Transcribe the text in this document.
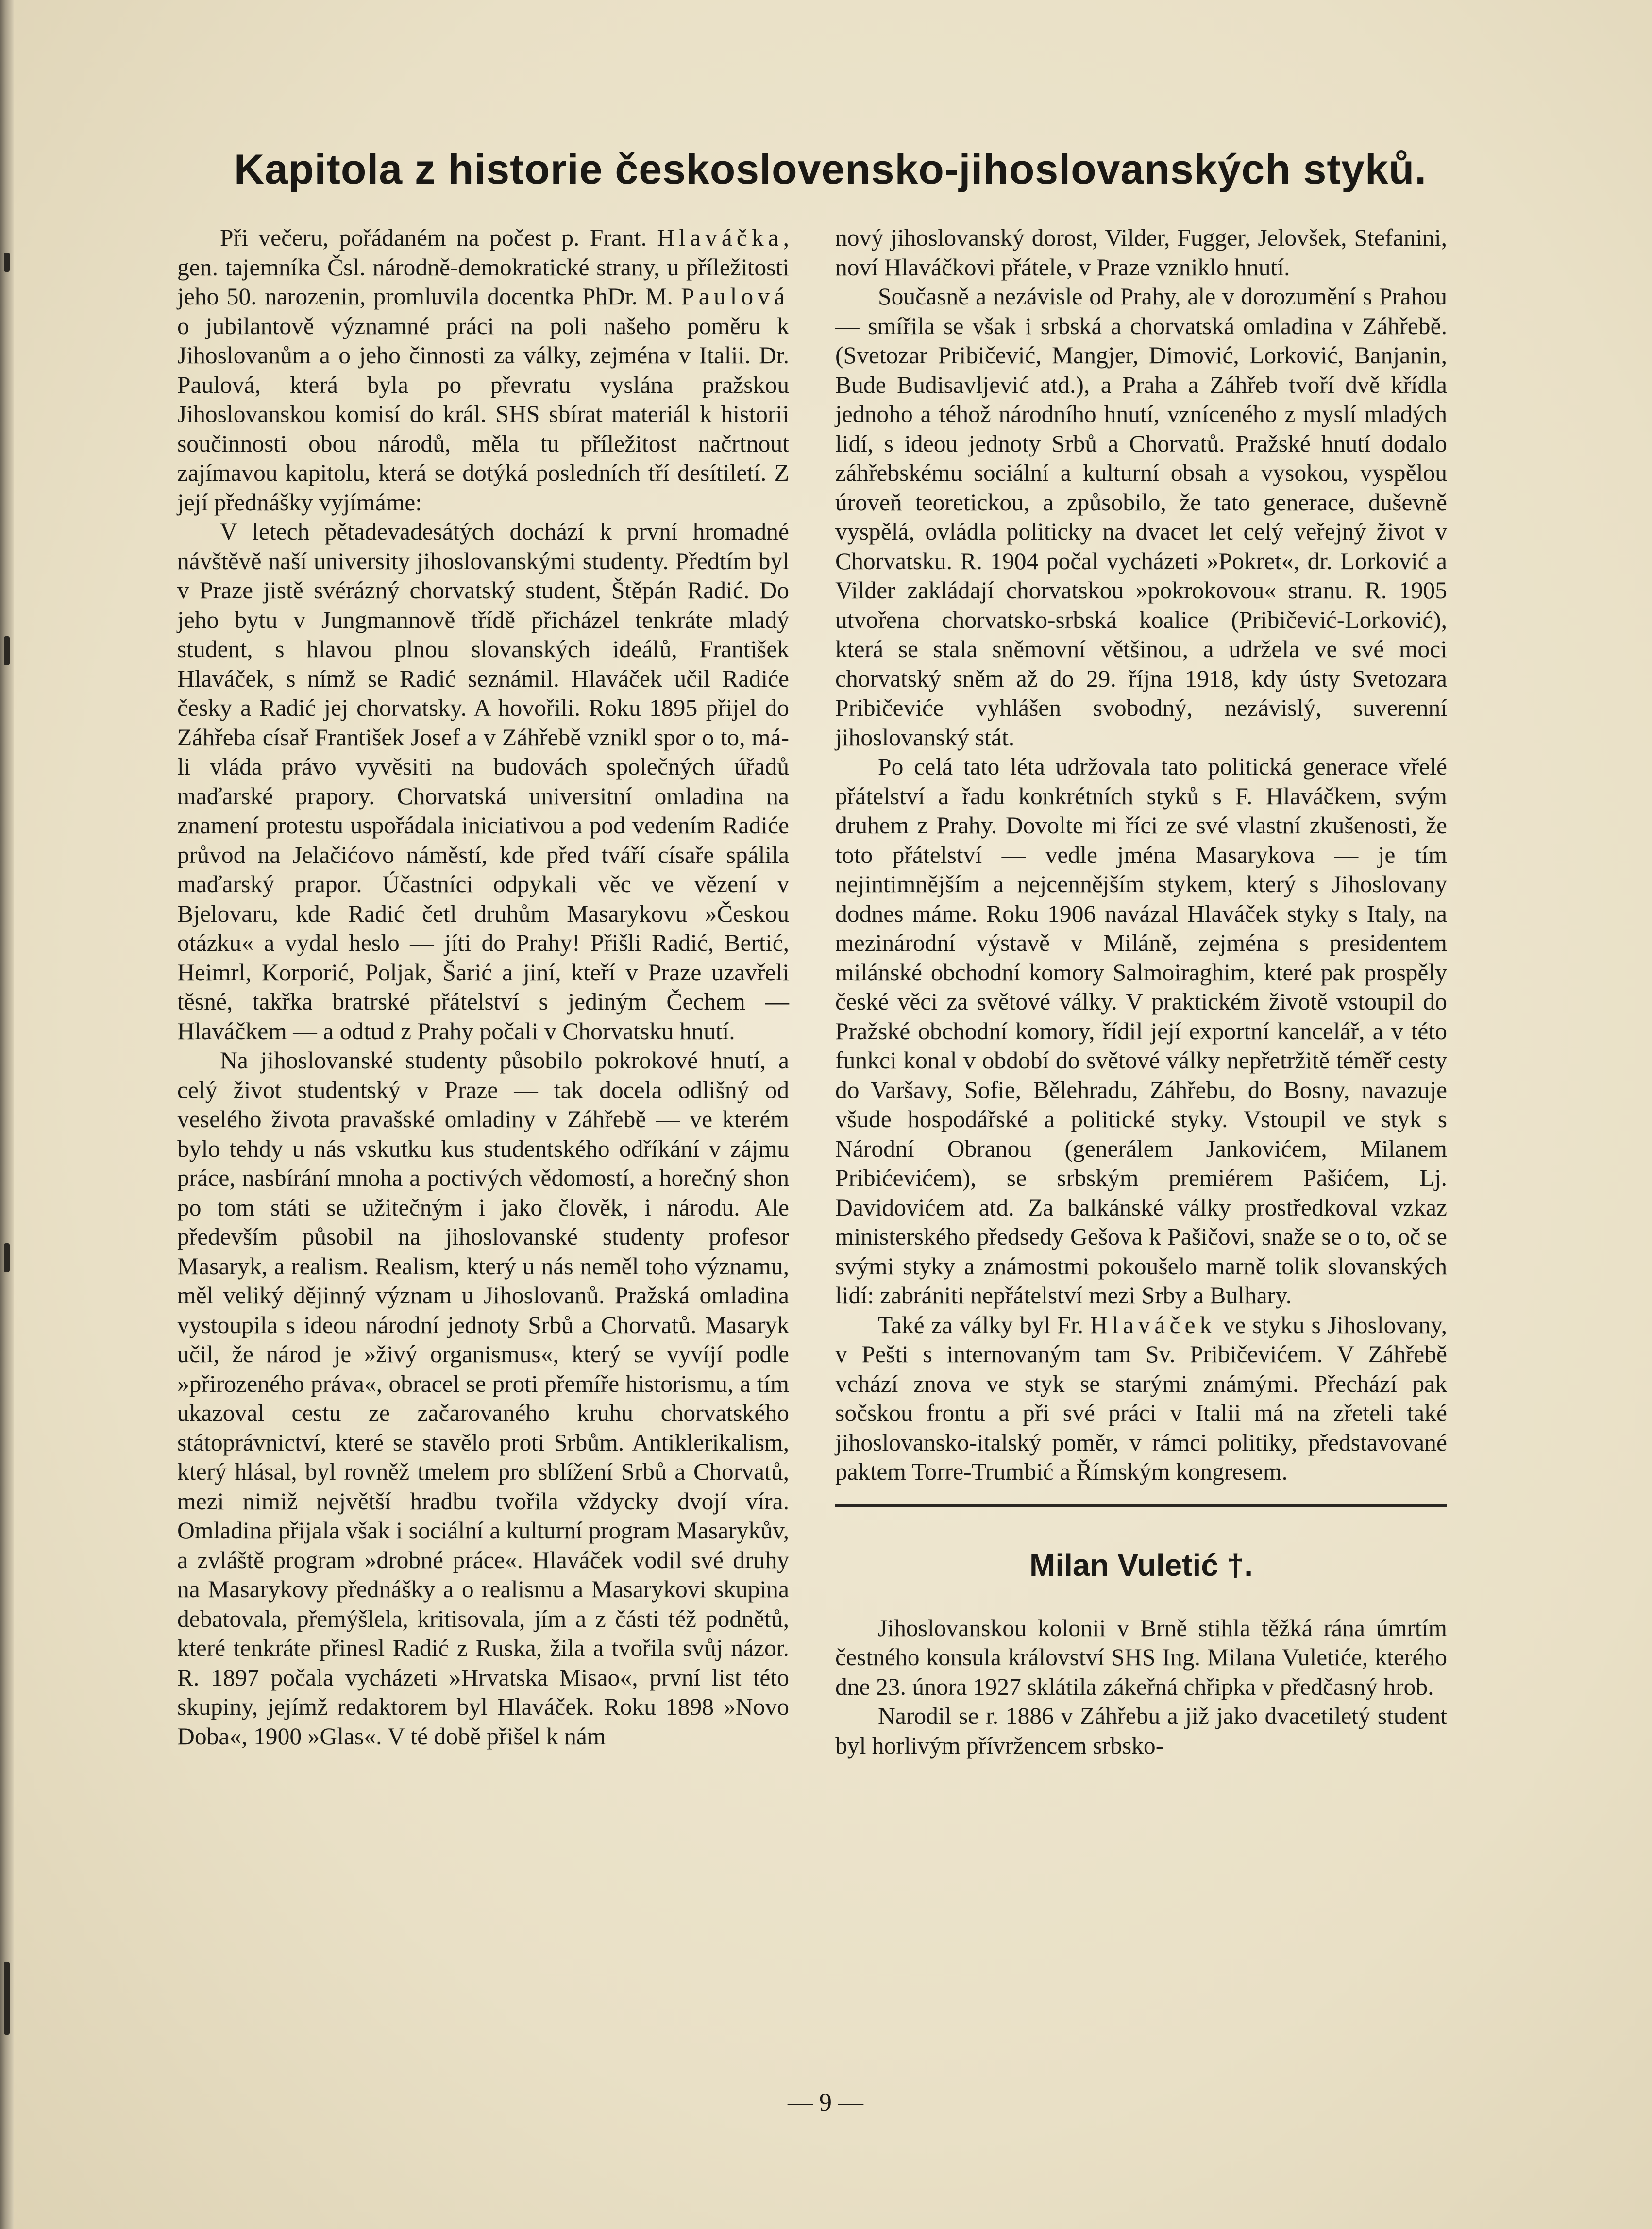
Kapitola z historie československo-jihoslovanských styků.

Při večeru, pořádaném na počest p. Frant. Hlaváčka, gen. tajemníka Čsl. národně-demokratické strany, u příležitosti jeho 50. narozenin, promluvila docentka PhDr. M. Paulová o jubilantově významné práci na poli našeho poměru k Jihoslovanům a o jeho činnosti za války, zejména v Italii. Dr. Paulová, která byla po převratu vyslána pražskou Jihoslovanskou komisí do král. SHS sbírat materiál k historii součinnosti obou národů, měla tu příležitost načrtnout zajímavou kapitolu, která se dotýká posledních tří desítiletí. Z její přednášky vyjímáme:

V letech pětadevadesátých dochází k první hromadné návštěvě naší university jihoslovanskými studenty. Předtím byl v Praze jistě svérázný chorvatský student, Štěpán Radić. Do jeho bytu v Jungmannově třídě přicházel tenkráte mladý student, s hlavou plnou slovanských ideálů, František Hlaváček, s nímž se Radić seznámil. Hlaváček učil Radiće česky a Radić jej chorvatsky. A hovořili. Roku 1895 přijel do Záhřeba císař František Josef a v Záhřebě vznikl spor o to, má-li vláda právo vyvěsiti na budovách společných úřadů maďarské prapory. Chorvatská universitní omladina na znamení protestu uspořádala iniciativou a pod vedením Radiće průvod na Jelačićovo náměstí, kde před tváří císaře spálila maďarský prapor. Účastníci odpykali věc ve vězení v Bjelovaru, kde Radić četl druhům Masarykovu »Českou otázku« a vydal heslo — jíti do Prahy! Přišli Radić, Bertić, Heimrl, Korporić, Poljak, Šarić a jiní, kteří v Praze uzavřeli těsné, takřka bratrské přátelství s jediným Čechem — Hlaváčkem — a odtud z Prahy počali v Chorvatsku hnutí.

Na jihoslovanské studenty působilo pokrokové hnutí, a celý život studentský v Praze — tak docela odlišný od veselého života pravašské omladiny v Záhřebě — ve kterém bylo tehdy u nás vskutku kus studentského odříkání v zájmu práce, nasbírání mnoha a poctivých vědomostí, a horečný shon po tom státi se užitečným i jako člověk, i národu. Ale především působil na jihoslovanské studenty profesor Masaryk, a realism. Realism, který u nás neměl toho významu, měl veliký dějinný význam u Jihoslovanů. Pražská omladina vystoupila s ideou národní jednoty Srbů a Chorvatů. Masaryk učil, že národ je »živý organismus«, který se vyvíjí podle »přirozeného práva«, obracel se proti přemíře historismu, a tím ukazoval cestu ze začarovaného kruhu chorvatského státoprávnictví, které se stavělo proti Srbům. Antiklerikalism, který hlásal, byl rovněž tmelem pro sblížení Srbů a Chorvatů, mezi nimiž největší hradbu tvořila vždycky dvojí víra. Omladina přijala však i sociální a kulturní program Masarykův, a zvláště program »drobné práce«. Hlaváček vodil své druhy na Masarykovy přednášky a o realismu a Masarykovi skupina debatovala, přemýšlela, kritisovala, jím a z části též podnětů, které tenkráte přinesl Radić z Ruska, žila a tvořila svůj názor. R. 1897 počala vycházeti »Hrvatska Misao«, první list této skupiny, jejímž redaktorem byl Hlaváček. Roku 1898 »Novo Doba«, 1900 »Glas«. V té době přišel k nám

nový jihoslovanský dorost, Vilder, Fugger, Jelovšek, Stefanini, noví Hlaváčkovi přátele, v Praze vzniklo hnutí.

Současně a nezávisle od Prahy, ale v dorozumění s Prahou — smířila se však i srbská a chorvatská omladina v Záhřebě. (Svetozar Pribičević, Mangjer, Dimović, Lorković, Banjanin, Bude Budisavljević atd.), a Praha a Záhřeb tvoří dvě křídla jednoho a téhož národního hnutí, vzníceného z myslí mladých lidí, s ideou jednoty Srbů a Chorvatů. Pražské hnutí dodalo záhřebskému sociální a kulturní obsah a vysokou, vyspělou úroveň teoretickou, a způsobilo, že tato generace, duševně vyspělá, ovládla politicky na dvacet let celý veřejný život v Chorvatsku. R. 1904 počal vycházeti »Pokret«, dr. Lorković a Vilder zakládají chorvatskou »pokrokovou« stranu. R. 1905 utvořena chorvatsko-srbská koalice (Pribičević-Lorković), která se stala sněmovní většinou, a udržela ve své moci chorvatský sněm až do 29. října 1918, kdy ústy Svetozara Pribičeviće vyhlášen svobodný, nezávislý, suverenní jihoslovanský stát.

Po celá tato léta udržovala tato politická generace vřelé přátelství a řadu konkrétních styků s F. Hlaváčkem, svým druhem z Prahy. Dovolte mi říci ze své vlastní zkušenosti, že toto přátelství — vedle jména Masarykova — je tím nejintimnějším a nejcennějším stykem, který s Jihoslovany dodnes máme. Roku 1906 navázal Hlaváček styky s Italy, na mezinárodní výstavě v Miláně, zejména s presidentem milánské obchodní komory Salmoiraghim, které pak prospěly české věci za světové války. V praktickém životě vstoupil do Pražské obchodní komory, řídil její exportní kancelář, a v této funkci konal v období do světové války nepřetržitě téměř cesty do Varšavy, Sofie, Bělehradu, Záhřebu, do Bosny, navazuje všude hospodářské a politické styky. Vstoupil ve styk s Národní Obranou (generálem Jankovićem, Milanem Pribićevićem), se srbským premiérem Pašićem, Lj. Davidovićem atd. Za balkánské války prostředkoval vzkaz ministerského předsedy Gešova k Pašičovi, snaže se o to, oč se svými styky a známostmi pokoušelo marně tolik slovanských lidí: zabrániti nepřátelství mezi Srby a Bulhary.

Také za války byl Fr. Hlaváček ve styku s Jihoslovany, v Pešti s internovaným tam Sv. Pribičevićem. V Záhřebě vchází znova ve styk se starými známými. Přechází pak sočskou frontu a při své práci v Italii má na zřeteli také jihoslovansko-italský poměr, v rámci politiky, představované paktem Torre-Trumbić a Římským kongresem.

Milan Vuletić †.

Jihoslovanskou kolonii v Brně stihla těžká rána úmrtím čestného konsula království SHS Ing. Milana Vuletiće, kterého dne 23. února 1927 sklátila zákeřná chřipka v předčasný hrob.

Narodil se r. 1886 v Záhřebu a již jako dvacetiletý student byl horlivým přívržencem srbsko-

— 9 —
